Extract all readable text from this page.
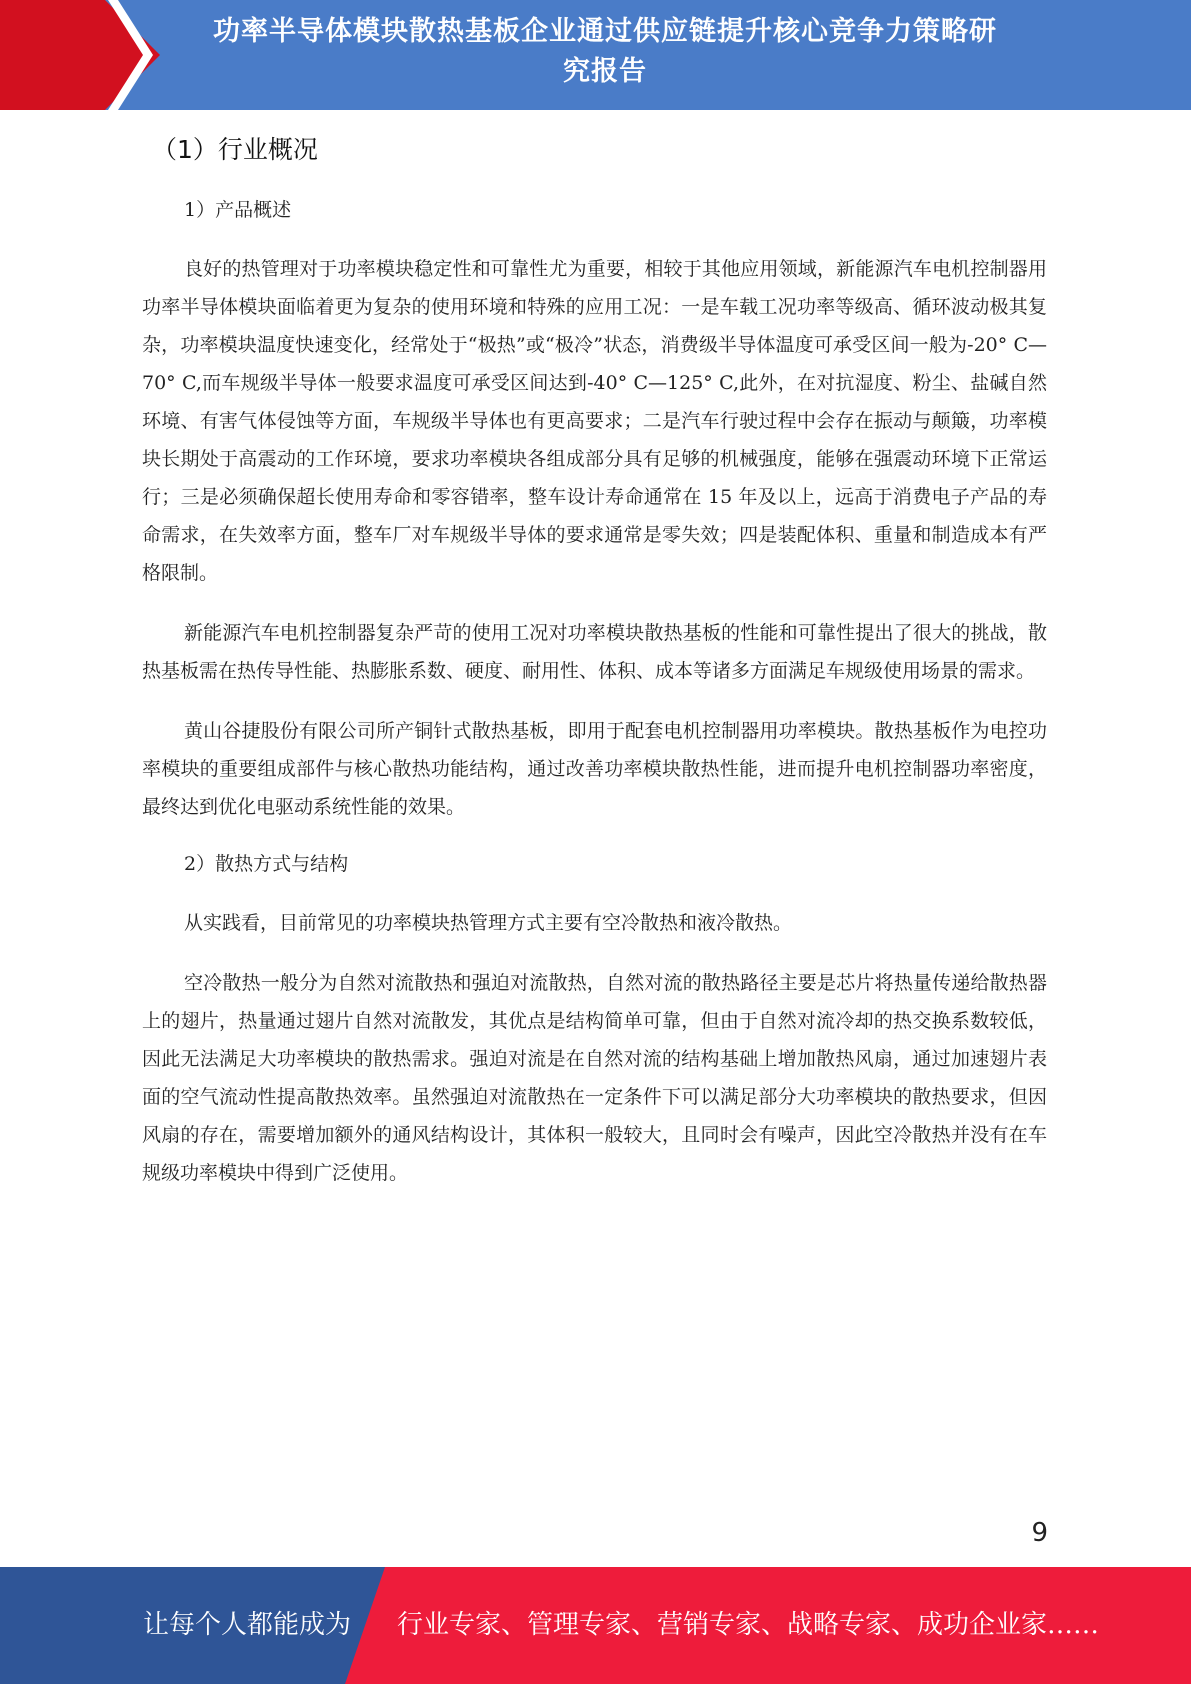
功率半导体模块散热基板企业通过供应链提升核心竞争力策略研
究报告
（1）行业概况
1）产品概述

良好的热管理对于功率模块稳定性和可靠性尤为重要，相较于其他应用领域，新能源汽车电机控制器用功率半导体模块面临着更为复杂的使用环境和特殊的应用工况：一是车载工况功率等级高、循环波动极其复杂，功率模块温度快速变化，经常处于“极热”或“极冷”状态，消费级半导体温度可承受区间一般为-20° C—70° C,而车规级半导体一般要求温度可承受区间达到-40° C—125° C,此外，在对抗湿度、粉尘、盐碱自然环境、有害气体侵蚀等方面，车规级半导体也有更高要求；二是汽车行驶过程中会存在振动与颠簸，功率模块长期处于高震动的工作环境，要求功率模块各组成部分具有足够的机械强度，能够在强震动环境下正常运行；三是必须确保超长使用寿命和零容错率，整车设计寿命通常在 15 年及以上，远高于消费电子产品的寿命需求，在失效率方面，整车厂对车规级半导体的要求通常是零失效；四是装配体积、重量和制造成本有严格限制。

新能源汽车电机控制器复杂严苛的使用工况对功率模块散热基板的性能和可靠性提出了很大的挑战，散热基板需在热传导性能、热膨胀系数、硬度、耐用性、体积、成本等诸多方面满足车规级使用场景的需求。

黄山谷捷股份有限公司所产铜针式散热基板，即用于配套电机控制器用功率模块。散热基板作为电控功率模块的重要组成部件与核心散热功能结构，通过改善功率模块散热性能，进而提升电机控制器功率密度，最终达到优化电驱动系统性能的效果。

2）散热方式与结构

从实践看，目前常见的功率模块热管理方式主要有空冷散热和液冷散热。

空冷散热一般分为自然对流散热和强迫对流散热，自然对流的散热路径主要是芯片将热量传递给散热器上的翅片，热量通过翅片自然对流散发，其优点是结构简单可靠，但由于自然对流冷却的热交换系数较低，因此无法满足大功率模块的散热需求。强迫对流是在自然对流的结构基础上增加散热风扇，通过加速翅片表面的空气流动性提高散热效率。虽然强迫对流散热在一定条件下可以满足部分大功率模块的散热要求，但因风扇的存在，需要增加额外的通风结构设计，其体积一般较大，且同时会有噪声，因此空冷散热并没有在车规级功率模块中得到广泛使用。

9
让每个人都能成为 行业专家、管理专家、营销专家、战略专家、成功企业家……
